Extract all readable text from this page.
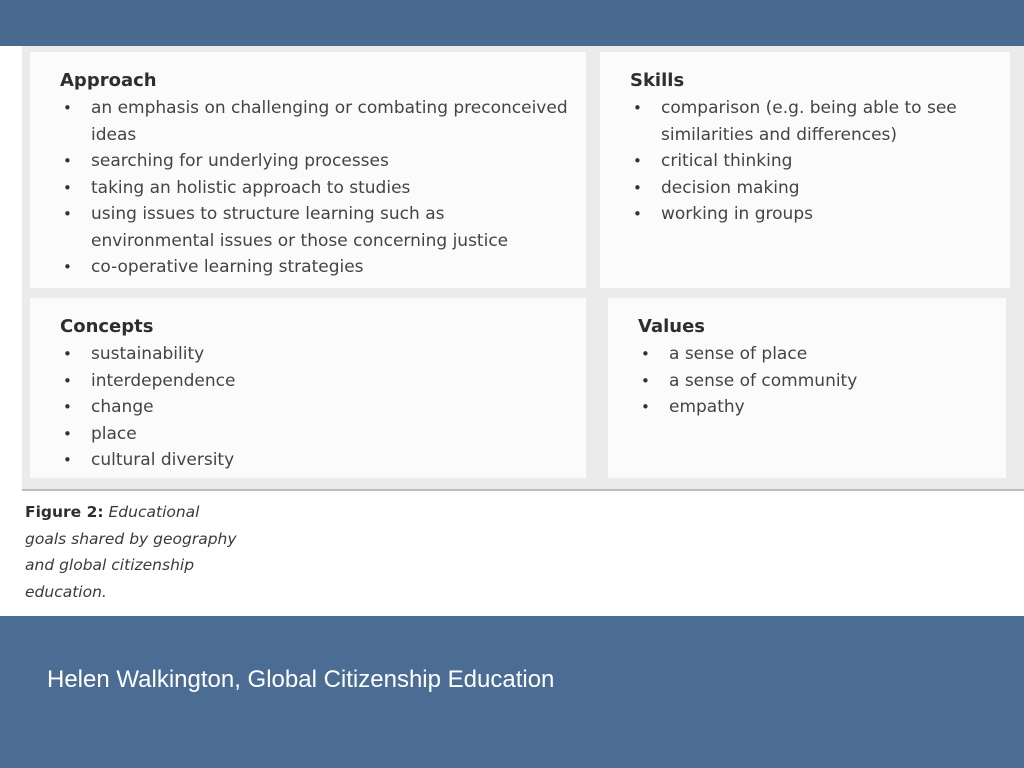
Approach
• an emphasis on challenging or combating preconceived ideas
• searching for underlying processes
• taking an holistic approach to studies
• using issues to structure learning such as environmental issues or those concerning justice
• co-operative learning strategies
Skills
• comparison (e.g. being able to see similarities and differences)
• critical thinking
• decision making
• working in groups
Concepts
• sustainability
• interdependence
• change
• place
• cultural diversity
Values
• a sense of place
• a sense of community
• empathy
Figure 2: Educational goals shared by geography and global citizenship education.
Helen Walkington, Global Citizenship Education
